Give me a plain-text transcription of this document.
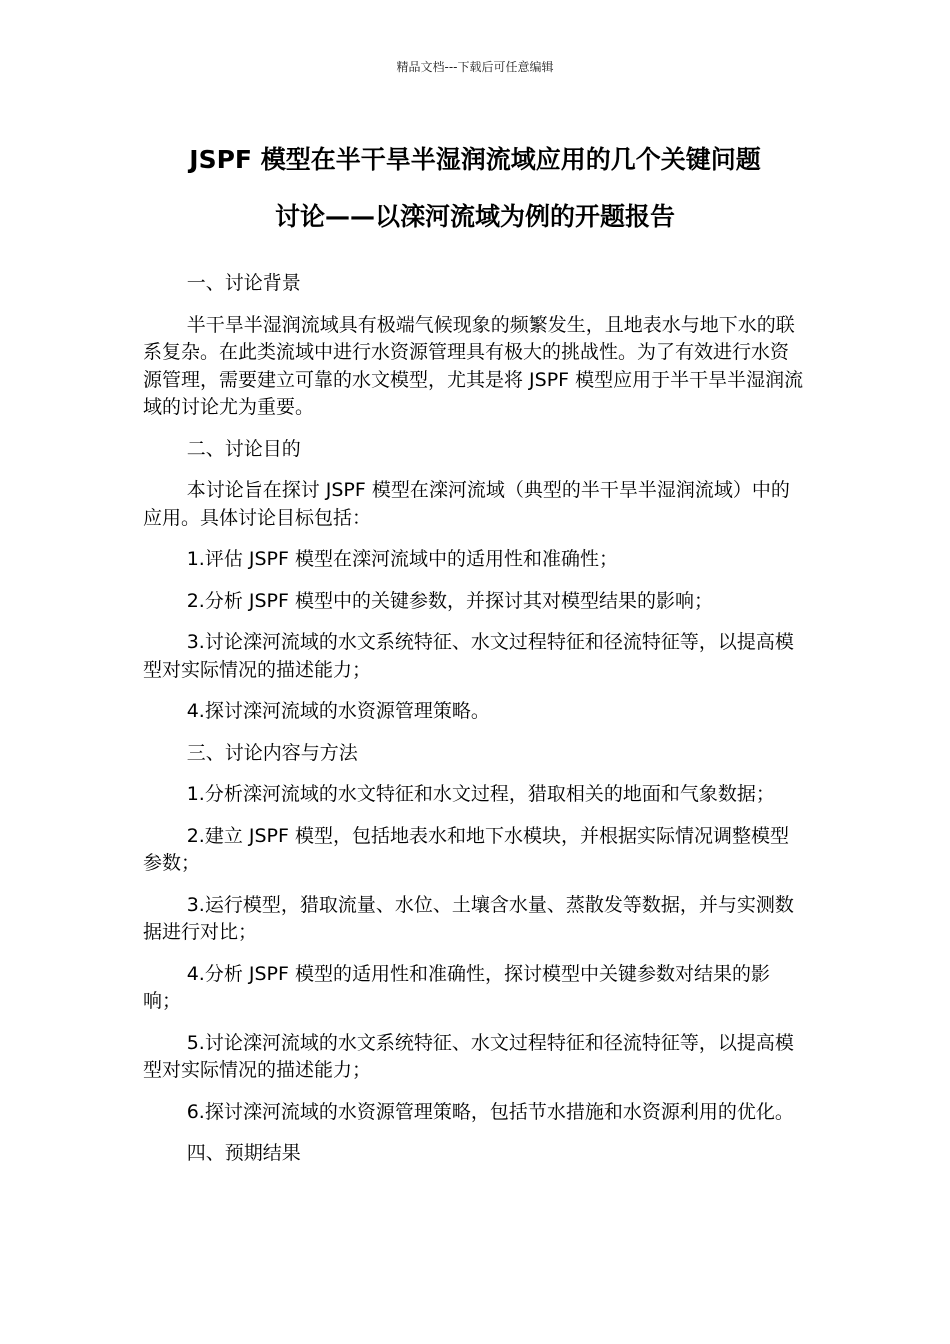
精品文档---下载后可任意编辑
JSPF 模型在半干旱半湿润流域应用的几个关键问题
讨论——以滦河流域为例的开题报告

一、讨论背景

半干旱半湿润流域具有极端气候现象的频繁发生，且地表水与地下水的联系复杂。在此类流域中进行水资源管理具有极大的挑战性。为了有效进行水资源管理，需要建立可靠的水文模型，尤其是将 JSPF 模型应用于半干旱半湿润流域的讨论尤为重要。

二、讨论目的

本讨论旨在探讨 JSPF 模型在滦河流域（典型的半干旱半湿润流域）中的应用。具体讨论目标包括：

1.评估 JSPF 模型在滦河流域中的适用性和准确性；

2.分析 JSPF 模型中的关键参数，并探讨其对模型结果的影响；

3.讨论滦河流域的水文系统特征、水文过程特征和径流特征等，以提高模型对实际情况的描述能力；

4.探讨滦河流域的水资源管理策略。

三、讨论内容与方法

1.分析滦河流域的水文特征和水文过程，猎取相关的地面和气象数据；

2.建立 JSPF 模型，包括地表水和地下水模块，并根据实际情况调整模型参数；

3.运行模型，猎取流量、水位、土壤含水量、蒸散发等数据，并与实测数据进行对比；

4.分析 JSPF 模型的适用性和准确性，探讨模型中关键参数对结果的影响；

5.讨论滦河流域的水文系统特征、水文过程特征和径流特征等，以提高模型对实际情况的描述能力；

6.探讨滦河流域的水资源管理策略，包括节水措施和水资源利用的优化。

四、预期结果
